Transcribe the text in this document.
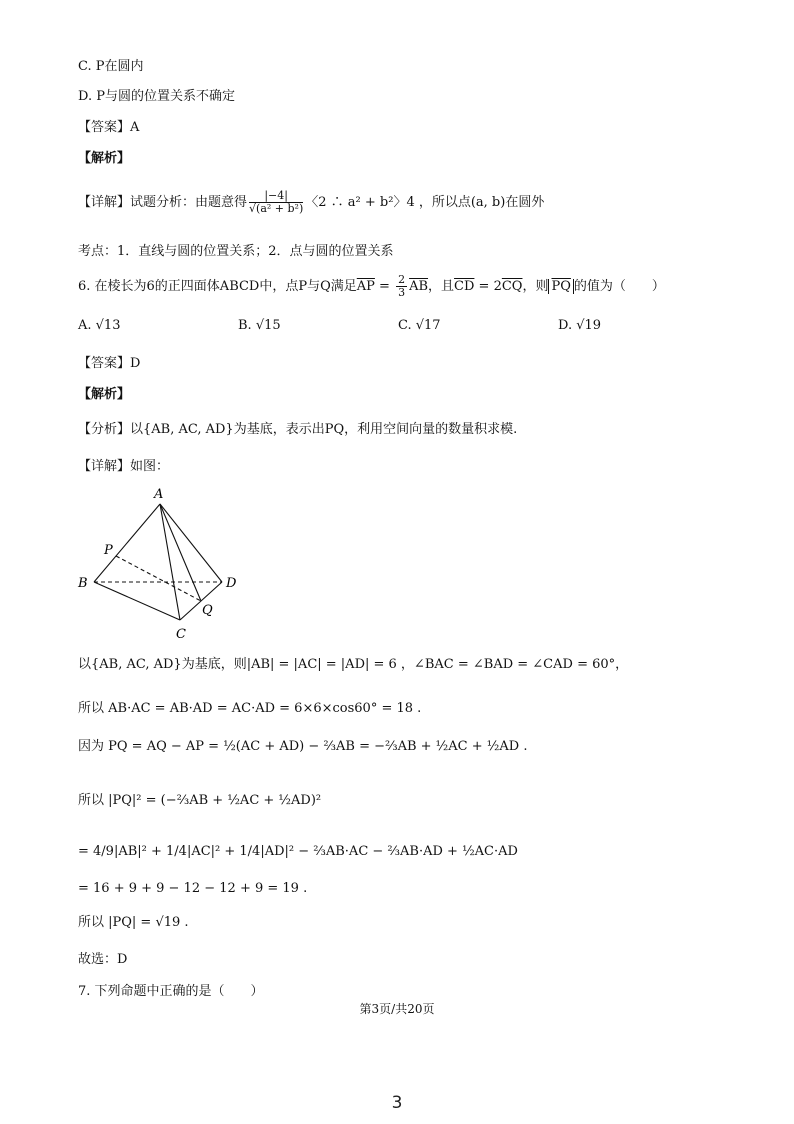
C. P在圆内
D. P与圆的位置关系不确定
【答案】A
【解析】
【详解】试题分析：由题意得 $\frac{|-4|}{\text{√(a² + b²)}}$ 〈2 ∴ a² + b²〉4 ，所以点(a, b)在圆外
考点：1．直线与圆的位置关系；2．点与圆的位置关系
6. 在棱长为6的正四面体ABCD中，点P与Q满足$\overline{AP} = \frac{2}{3} \overline{AB}$，且$\overline{CD} = 2\overline{CQ}$，则 $\overline{PQ}$ 的值为（　　）
A. √13	B. √15	C. √17	D. √19
【答案】D
【解析】
【分析】以{AB, AC, AD}为基底，表示出PQ，利用空间向量的数量积求模.
【详解】如图：
A
B
C
D
P
Q
以{AB, AC, AD}为基底，则|AB| = |AC| = |AD| = 6 ，∠BAC = ∠BAD = ∠CAD = 60°，
所以 AB·AC = AB·AD = AC·AD = 6×6×cos60° = 18 .
因为 PQ = AQ − AP = ½(AC + AD) − ⅔AB = −⅔AB + ½AC + ½AD .
所以 |PQ|² = (−⅔AB + ½AC + ½AD)²
= 4/9|AB|² + 1/4|AC|² + 1/4|AD|² − ⅔AB·AC − ⅔AB·AD + ½AC·AD
= 16 + 9 + 9 − 12 − 12 + 9 = 19 .
所以 |PQ| = √19 .
故选：D
7. 下列命题中正确的是（　　）
第3页/共20页
3
